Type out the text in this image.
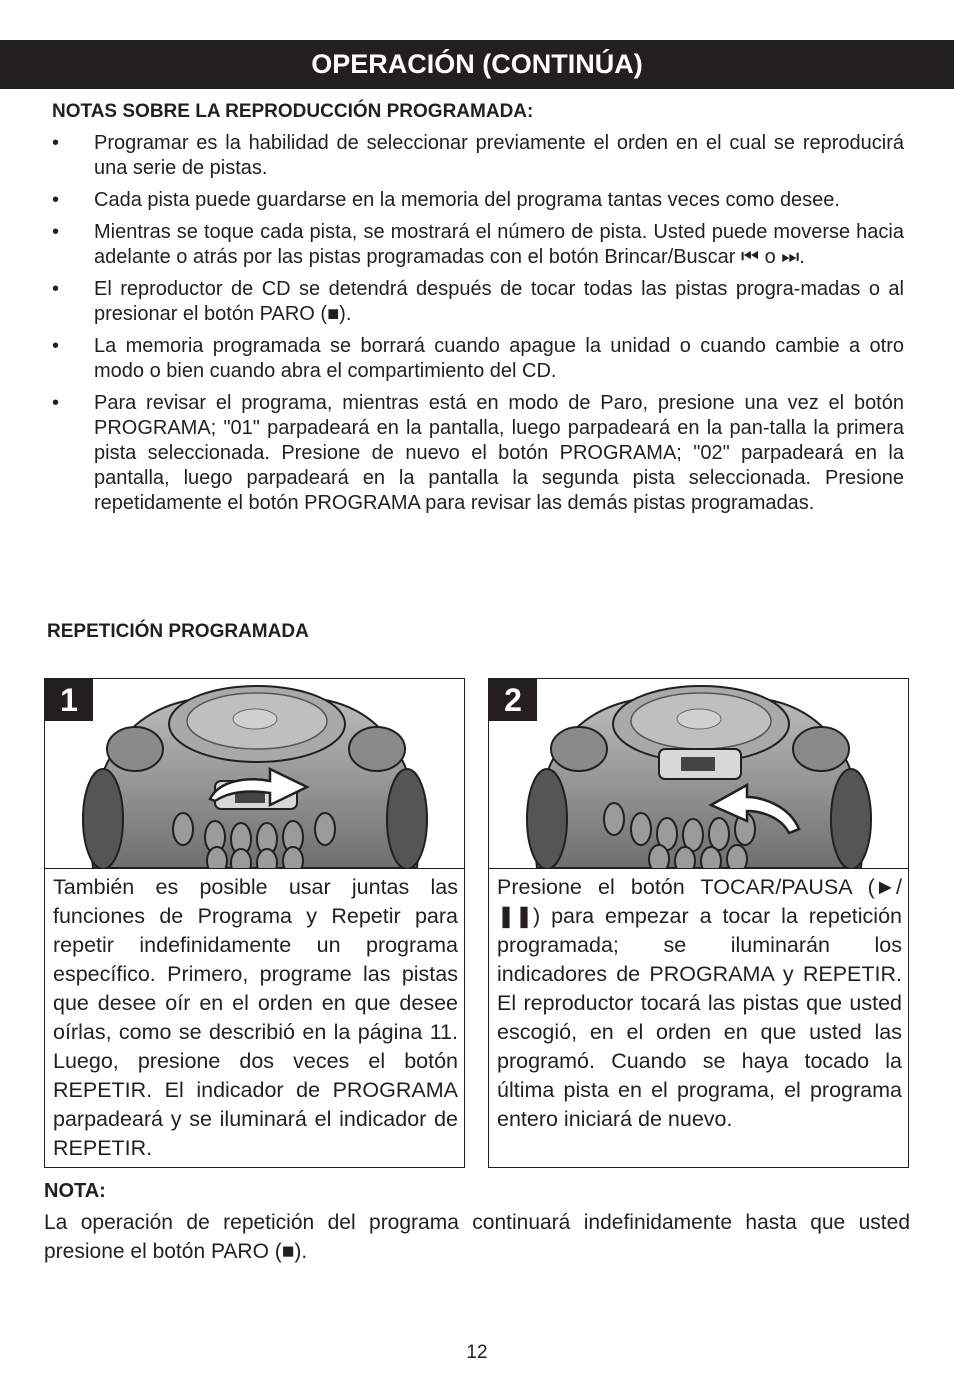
OPERACIÓN (CONTINÚA)
NOTAS SOBRE LA REPRODUCCIÓN PROGRAMADA:
• Programar es la habilidad de seleccionar previamente el orden en el cual se reproducirá una serie de pistas.
• Cada pista puede guardarse en la memoria del programa tantas veces como desee.
• Mientras se toque cada pista, se mostrará el número de pista. Usted puede moverse hacia adelante o atrás por las pistas programadas con el botón Brincar/Buscar ⏮ o ⏭.
• El reproductor de CD se detendrá después de tocar todas las pistas progra-madas o al presionar el botón PARO (■).
• La memoria programada se borrará cuando apague la unidad o cuando cambie a otro modo o bien cuando abra el compartimiento del CD.
• Para revisar el programa, mientras está en modo de Paro, presione una vez el botón PROGRAMA; "01" parpadeará en la pantalla, luego parpadeará en la pan-talla la primera pista seleccionada. Presione de nuevo el botón PROGRAMA; "02" parpadeará en la pantalla, luego parpadeará en la pantalla la segunda pista seleccionada. Presione repetidamente el botón PROGRAMA para revisar las demás pistas programadas.
REPETICIÓN PROGRAMADA
1
También es posible usar juntas las funciones de Programa y Repetir para repetir indefinidamente un programa específico. Primero, programe las pistas que desee oír en el orden en que desee oírlas, como se describió en la página 11. Luego, presione dos veces el botón REPETIR. El indicador de PROGRAMA parpadeará y se iluminará el indicador de REPETIR.
2
Presione el botón TOCAR/PAUSA (►/❚❚) para empezar a tocar la repetición programada; se iluminarán los indicadores de PROGRAMA y REPETIR. El reproductor tocará las pistas que usted escogió, en el orden en que usted las programó. Cuando se haya tocado la última pista en el programa, el programa entero iniciará de nuevo.
NOTA:
La operación de repetición del programa continuará indefinidamente hasta que usted presione el botón PARO (■).
12
